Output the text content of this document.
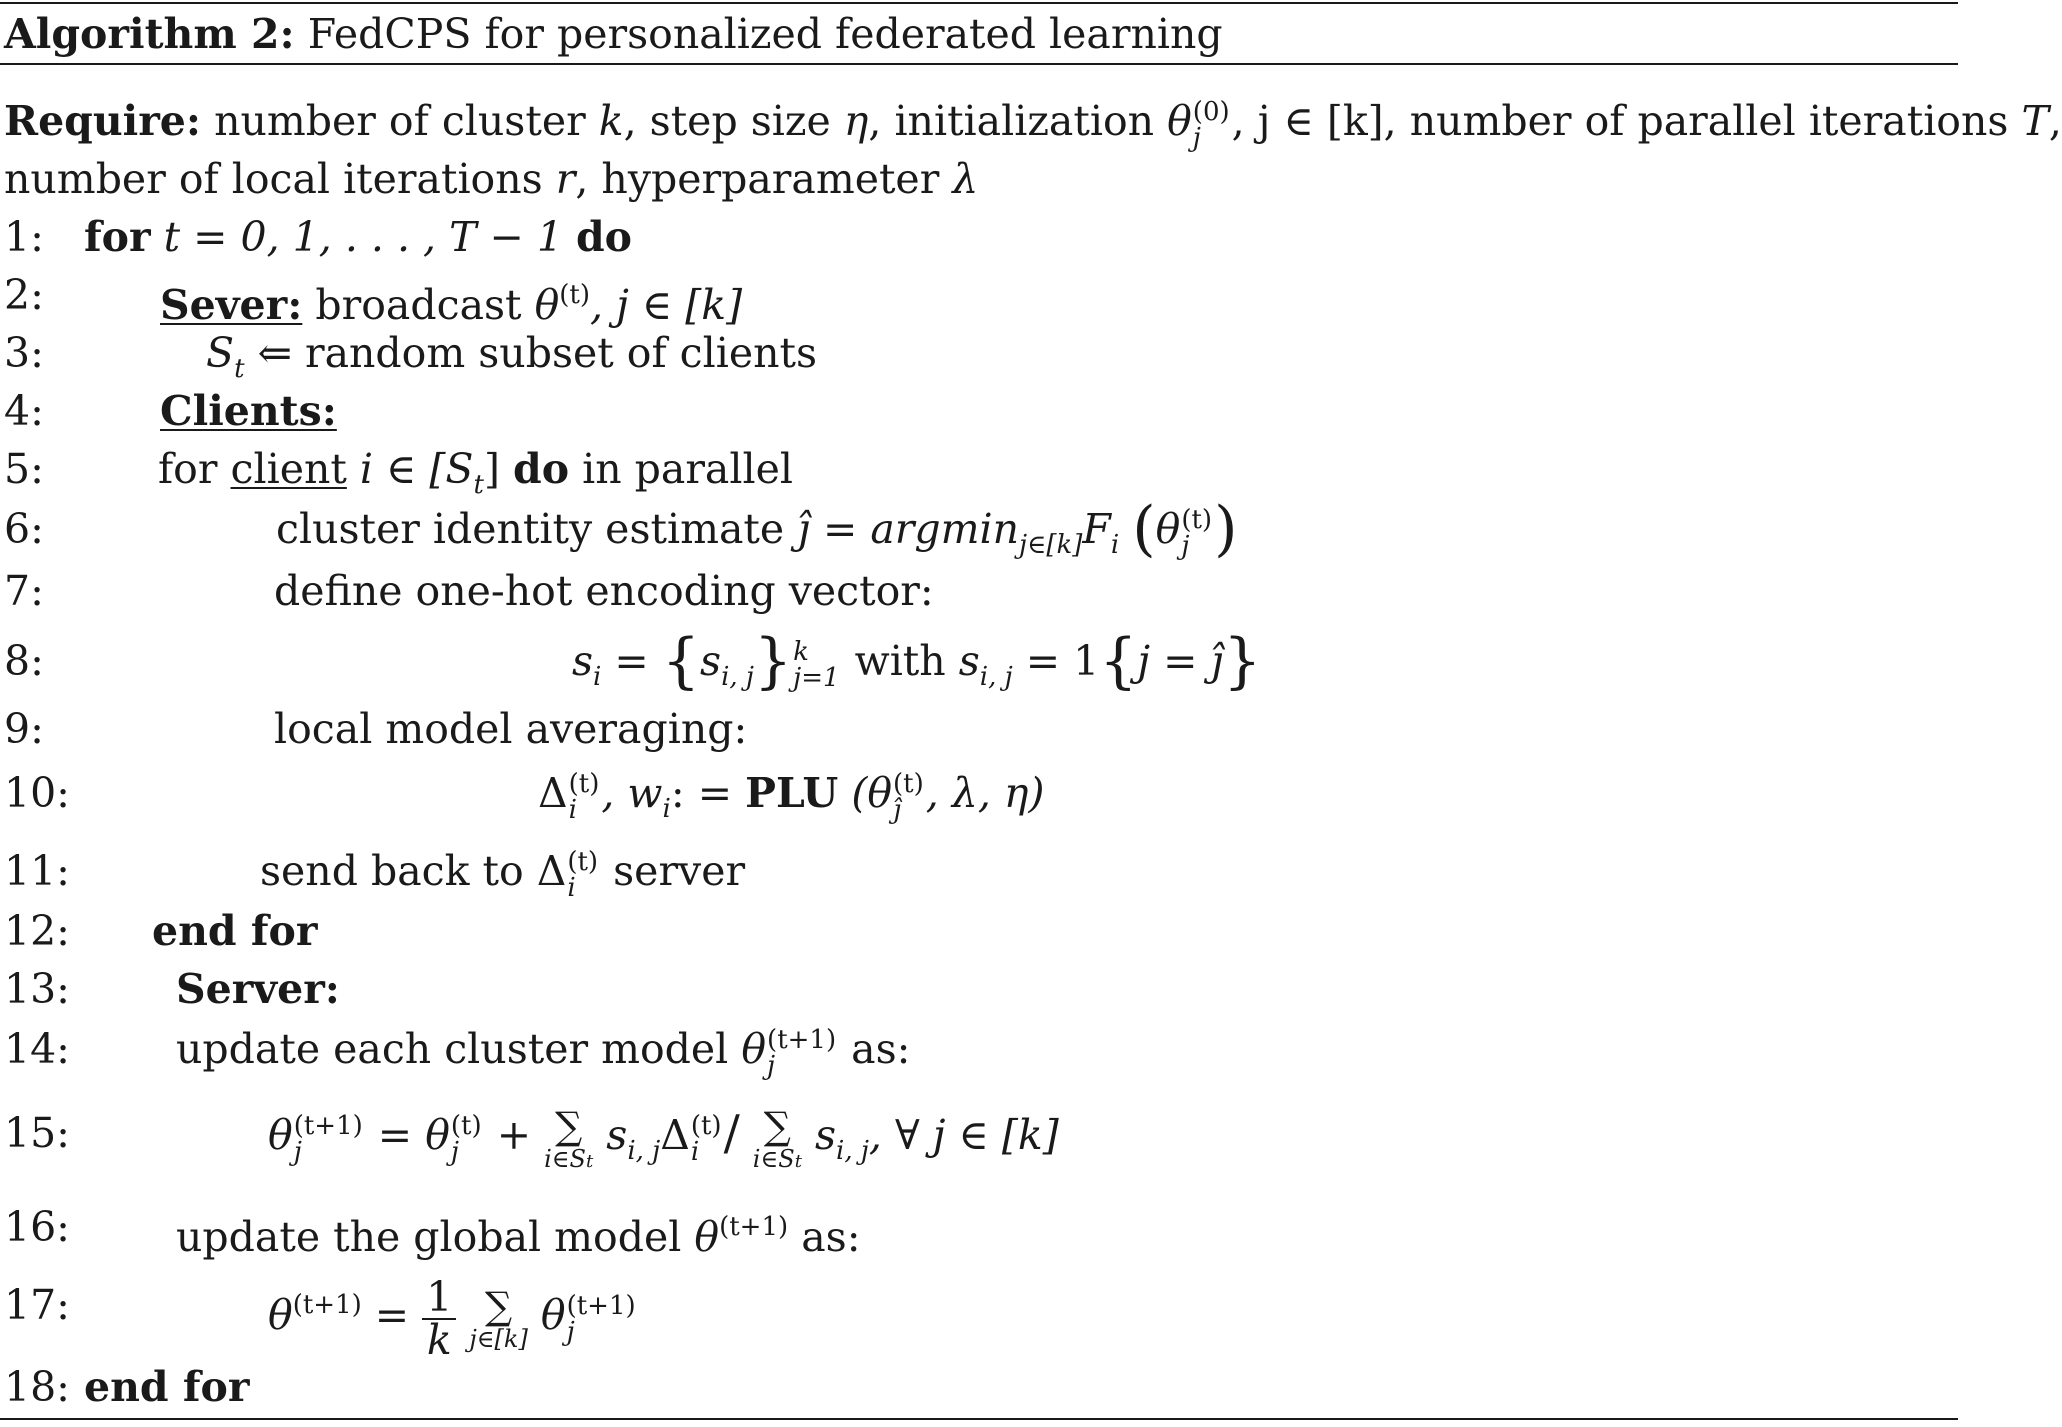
Algorithm 2: FedCPS for personalized federated learning
Require: number of cluster k, step size η, initialization θ (0)
j , j ∈ [k], number of parallel iterations T,
number of local iterations r, hyperparameter λ
1: for t = 0, 1, . . . , T − 1 do
2:	Sever: broadcast $\theta^{(t)}$, j ∈ [k]
3:	$S_t$ ⇐ random subset of clients
4:	Clients:
5:	for client i ∈ $[S_t]$ do in parallel
6:	cluster identity estimate ĵ = $argmin_{j\in[k]}F_i$ (θ (t)
j )
7:	define one-hot encoding vector:
8:	$s_i = \{s_{i, j}\}$ k
j=1 with $s_{i, j} = 1\{j$ = ĵ}
9:	local model averaging:
10:	Δ (t)
i , $w_i$: = PLU (θ (t)
ĵ , λ, η)
11:	send back to Δ (t)
i server
12: end for
13:	Server:
14:	update each cluster model θ (t+1)
j	as:
15:	θ (t+1)
j	= θ (t)
j + ∑
i∈St
$s_{i, j}\Delta$ (t)
i / ∑
i∈St
$s_{i, j}$, ∀ j ∈ [k]
16:	update the global model $\theta^{(t+1)}$ as:
17:	$\theta^{(t+1)} = \frac{1}{k}$
∑
j∈[k] θ (t+1)
j
18: end for
